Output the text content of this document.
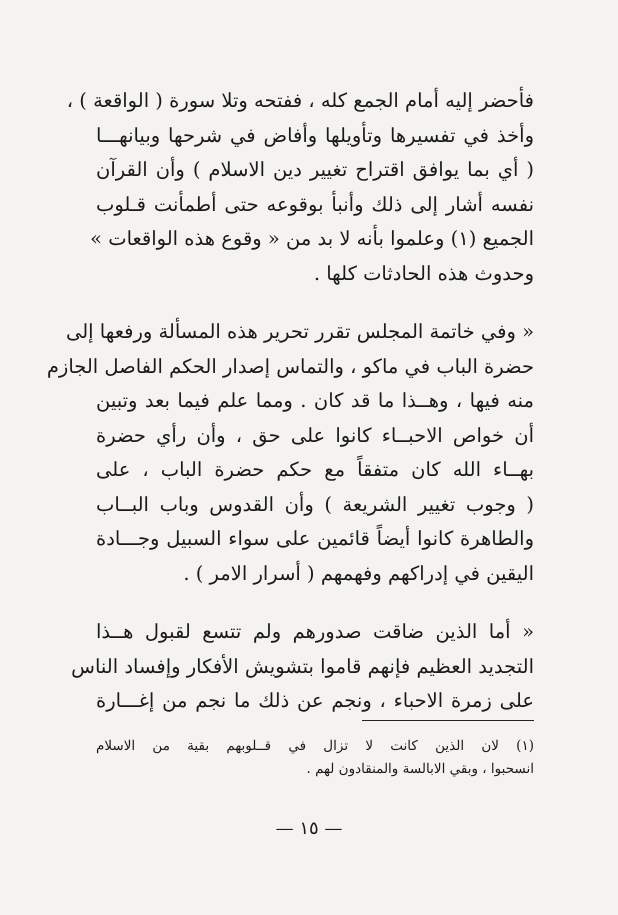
فأحضر إليه أمام الجمع كله ، ففتحه وتلا سورة ( الواقعة ) ،
وأخذ في تفسيرها وتأويلها وأفاض في شرحها وبيانهـــا
( أي بما يوافق اقتراح تغيير دين الاسلام ) وأن القرآن
نفسه أشار إلى ذلك وأنبأ بوقوعه حتى أطمأنت قـلوب
الجميع (١) وعلموا بأنه لا بد من « وقوع هذه الواقعات »
وحدوث هذه الحادثات كلها .

« وفي خاتمة المجلس تقرر تحرير هذه المسألة ورفعها إلى
حضرة الباب في ماكو ، والتماس إصدار الحكم الفاصل الجازم
منه فيها ، وهــذا ما قد كان . ومما علم فيما بعد وتبين
أن خواص الاحبــاء كانوا على حق ، وأن رأي حضرة
بهــاء الله كان متفقاً مع حكم حضرة الباب ، على
( وجوب تغيير الشريعة ) وأن القدوس وباب البــاب
والطاهرة كانوا أيضاً قائمين على سواء السبيل وجـــادة
اليقين في إدراكهم وفهمهم ( أسرار الامر ) .

« أما الذين ضاقت صدورهم ولم تتسع لقبول هــذا
التجديد العظيم فإنهم قاموا بتشويش الأفكار وإفساد الناس
على زمرة الاحباء ، ونجم عن ذلك ما نجم من إغـــارة

(١) لان الذين كانت لا تزال في قــلوبهم بقية من الاسلام
انسحبوا ، وبقي الابالسة والمنقادون لهم .
— ١٥ —
